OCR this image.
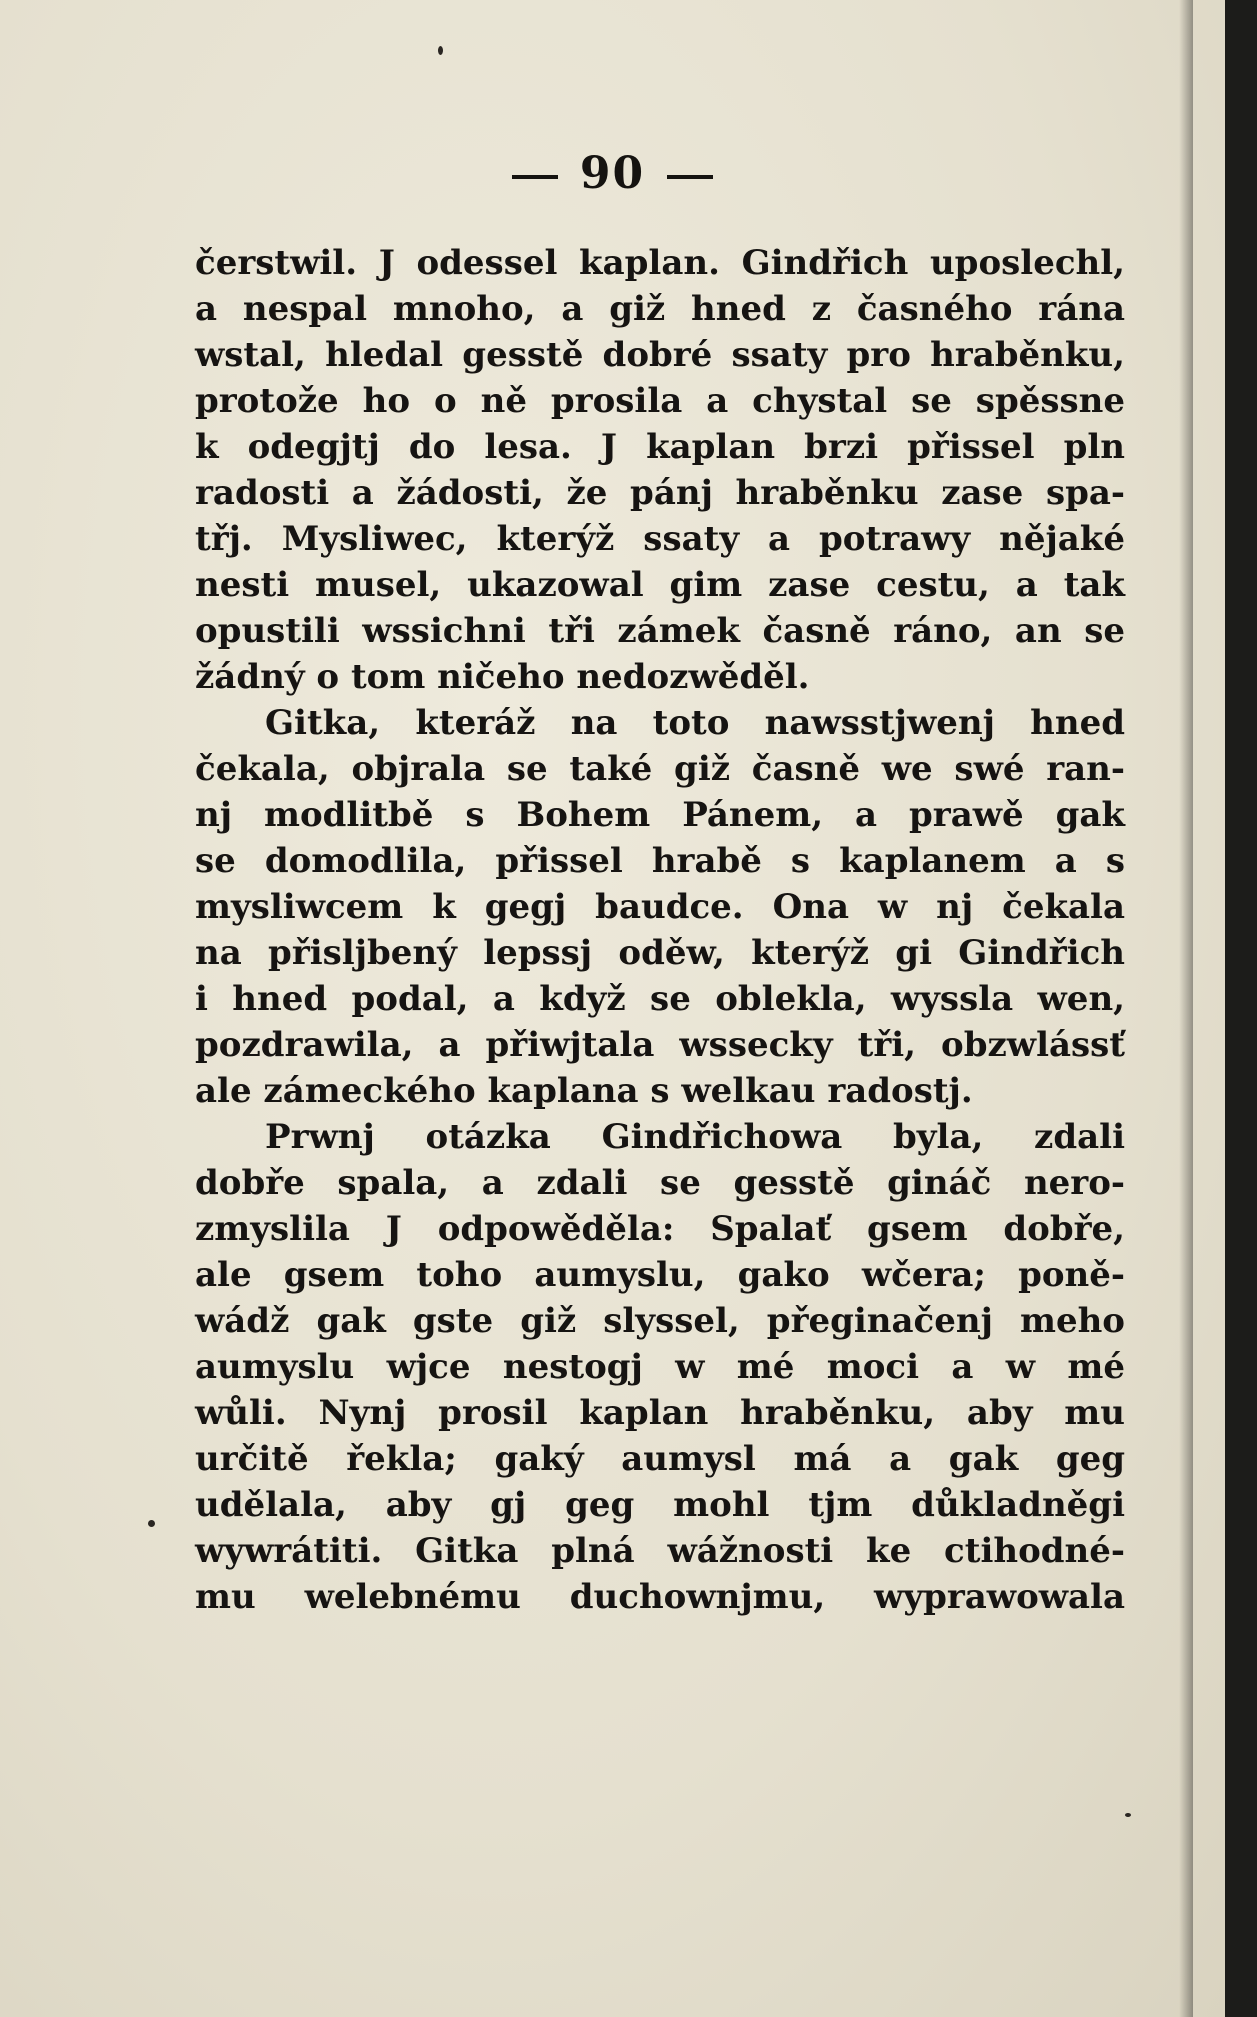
90
čerstwil. J odessel kaplan. Gindřich uposlechl,
a nespal mnoho, a giž hned z časného rána
wstal, hledal gesstě dobré ssaty pro hraběnku,
protože ho o ně prosila a chystal se spěssne
k odegjtj do lesa. J kaplan brzi přissel pln
radosti a žádosti, že pánj hraběnku zase spa-
třj. Mysliwec, kterýž ssaty a potrawy nějaké
nesti musel, ukazowal gim zase cestu, a tak
opustili wssichni tři zámek časně ráno, an se
žádný o tom ničeho nedozwěděl.
Gitka, kteráž na toto nawsstjwenj hned
čekala, objrala se také giž časně we swé ran-
nj modlitbě s Bohem Pánem, a prawě gak
se domodlila, přissel hrabě s kaplanem a s
mysliwcem k gegj baudce. Ona w nj čekala
na přisljbený lepssj oděw, kterýž gi Gindřich
i hned podal, a když se oblekla, wyssla wen,
pozdrawila, a přiwjtala wssecky tři, obzwlássť
ale zámeckého kaplana s welkau radostj.
Prwnj otázka Gindřichowa byla, zdali
dobře spala, a zdali se gesstě gináč nero-
zmyslila J odpowěděla: Spalať gsem dobře,
ale gsem toho aumyslu, gako wčera; poně-
wádž gak gste giž slyssel, přeginačenj meho
aumyslu wjce nestogj w mé moci a w mé
wůli. Nynj prosil kaplan hraběnku, aby mu
určitě řekla; gaký aumysl má a gak geg
udělala, aby gj geg mohl tjm důkladněgi
wywrátiti. Gitka plná wážnosti ke ctihodné-
mu welebnému duchownjmu, wyprawowala
